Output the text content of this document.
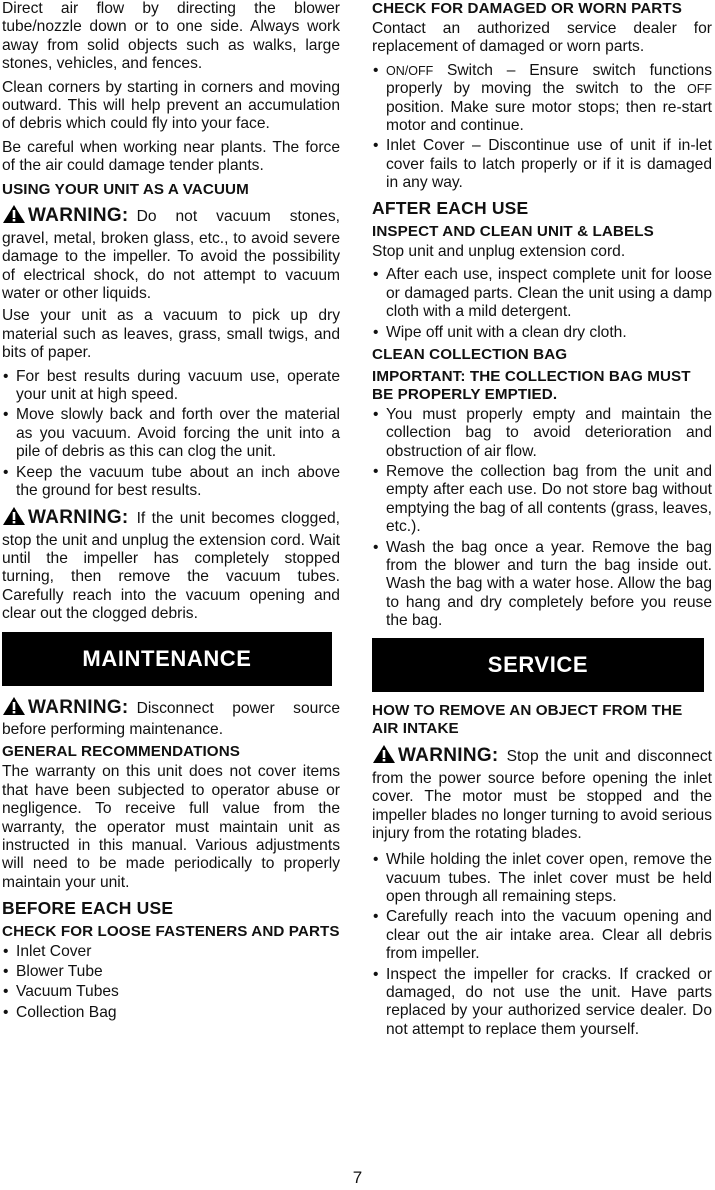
Direct air flow by directing the blower tube/nozzle down or to one side. Always work away from solid objects such as walks, large stones, vehicles, and fences.

Clean corners by starting in corners and moving outward. This will help prevent an accumulation of debris which could fly into your face.

Be careful when working near plants. The force of the air could damage tender plants.

USING YOUR UNIT AS A VACUUM
WARNING: Do not vacuum stones, gravel, metal, broken glass, etc., to avoid severe damage to the impeller. To avoid the possibility of electrical shock, do not attempt to vacuum water or other liquids.

Use your unit as a vacuum to pick up dry material such as leaves, grass, small twigs, and bits of paper.

• For best results during vacuum use, operate your unit at high speed.
• Move slowly back and forth over the material as you vacuum. Avoid forcing the unit into a pile of debris as this can clog the unit.
• Keep the vacuum tube about an inch above the ground for best results.
WARNING: If the unit becomes clogged, stop the unit and unplug the extension cord. Wait until the impeller has completely stopped turning, then remove the vacuum tubes. Carefully reach into the vacuum opening and clear out the clogged debris.
MAINTENANCE
WARNING: Disconnect power source before performing maintenance.
GENERAL RECOMMENDATIONS

The warranty on this unit does not cover items that have been subjected to operator abuse or negligence. To receive full value from the warranty, the operator must maintain unit as instructed in this manual. Various adjustments will need to be made periodically to properly maintain your unit.

BEFORE EACH USE
CHECK FOR LOOSE FASTENERS AND PARTS
• Inlet Cover
• Blower Tube
• Vacuum Tubes
• Collection Bag
CHECK FOR DAMAGED OR WORN PARTS

Contact an authorized service dealer for replacement of damaged or worn parts.

• ON/OFF Switch – Ensure switch functions properly by moving the switch to the OFF position. Make sure motor stops; then re-start motor and continue.
• Inlet Cover – Discontinue use of unit if in-let cover fails to latch properly or if it is damaged in any way.
AFTER EACH USE
INSPECT AND CLEAN UNIT & LABELS

Stop unit and unplug extension cord.

• After each use, inspect complete unit for loose or damaged parts. Clean the unit using a damp cloth with a mild detergent.
• Wipe off unit with a clean dry cloth.
CLEAN COLLECTION BAG
IMPORTANT: THE COLLECTION BAG MUST BE PROPERLY EMPTIED.
• You must properly empty and maintain the collection bag to avoid deterioration and obstruction of air flow.
• Remove the collection bag from the unit and empty after each use. Do not store bag without emptying the bag of all contents (grass, leaves, etc.).
• Wash the bag once a year. Remove the bag from the blower and turn the bag inside out. Wash the bag with a water hose. Allow the bag to hang and dry completely before you reuse the bag.
SERVICE
HOW TO REMOVE AN OBJECT FROM THE AIR INTAKE
WARNING: Stop the unit and disconnect from the power source before opening the inlet cover. The motor must be stopped and the impeller blades no longer turning to avoid serious injury from the rotating blades.
• While holding the inlet cover open, remove the vacuum tubes. The inlet cover must be held open through all remaining steps.
• Carefully reach into the vacuum opening and clear out the air intake area. Clear all debris from impeller.
• Inspect the impeller for cracks. If cracked or damaged, do not use the unit. Have parts replaced by your authorized service dealer. Do not attempt to replace them yourself.
7
